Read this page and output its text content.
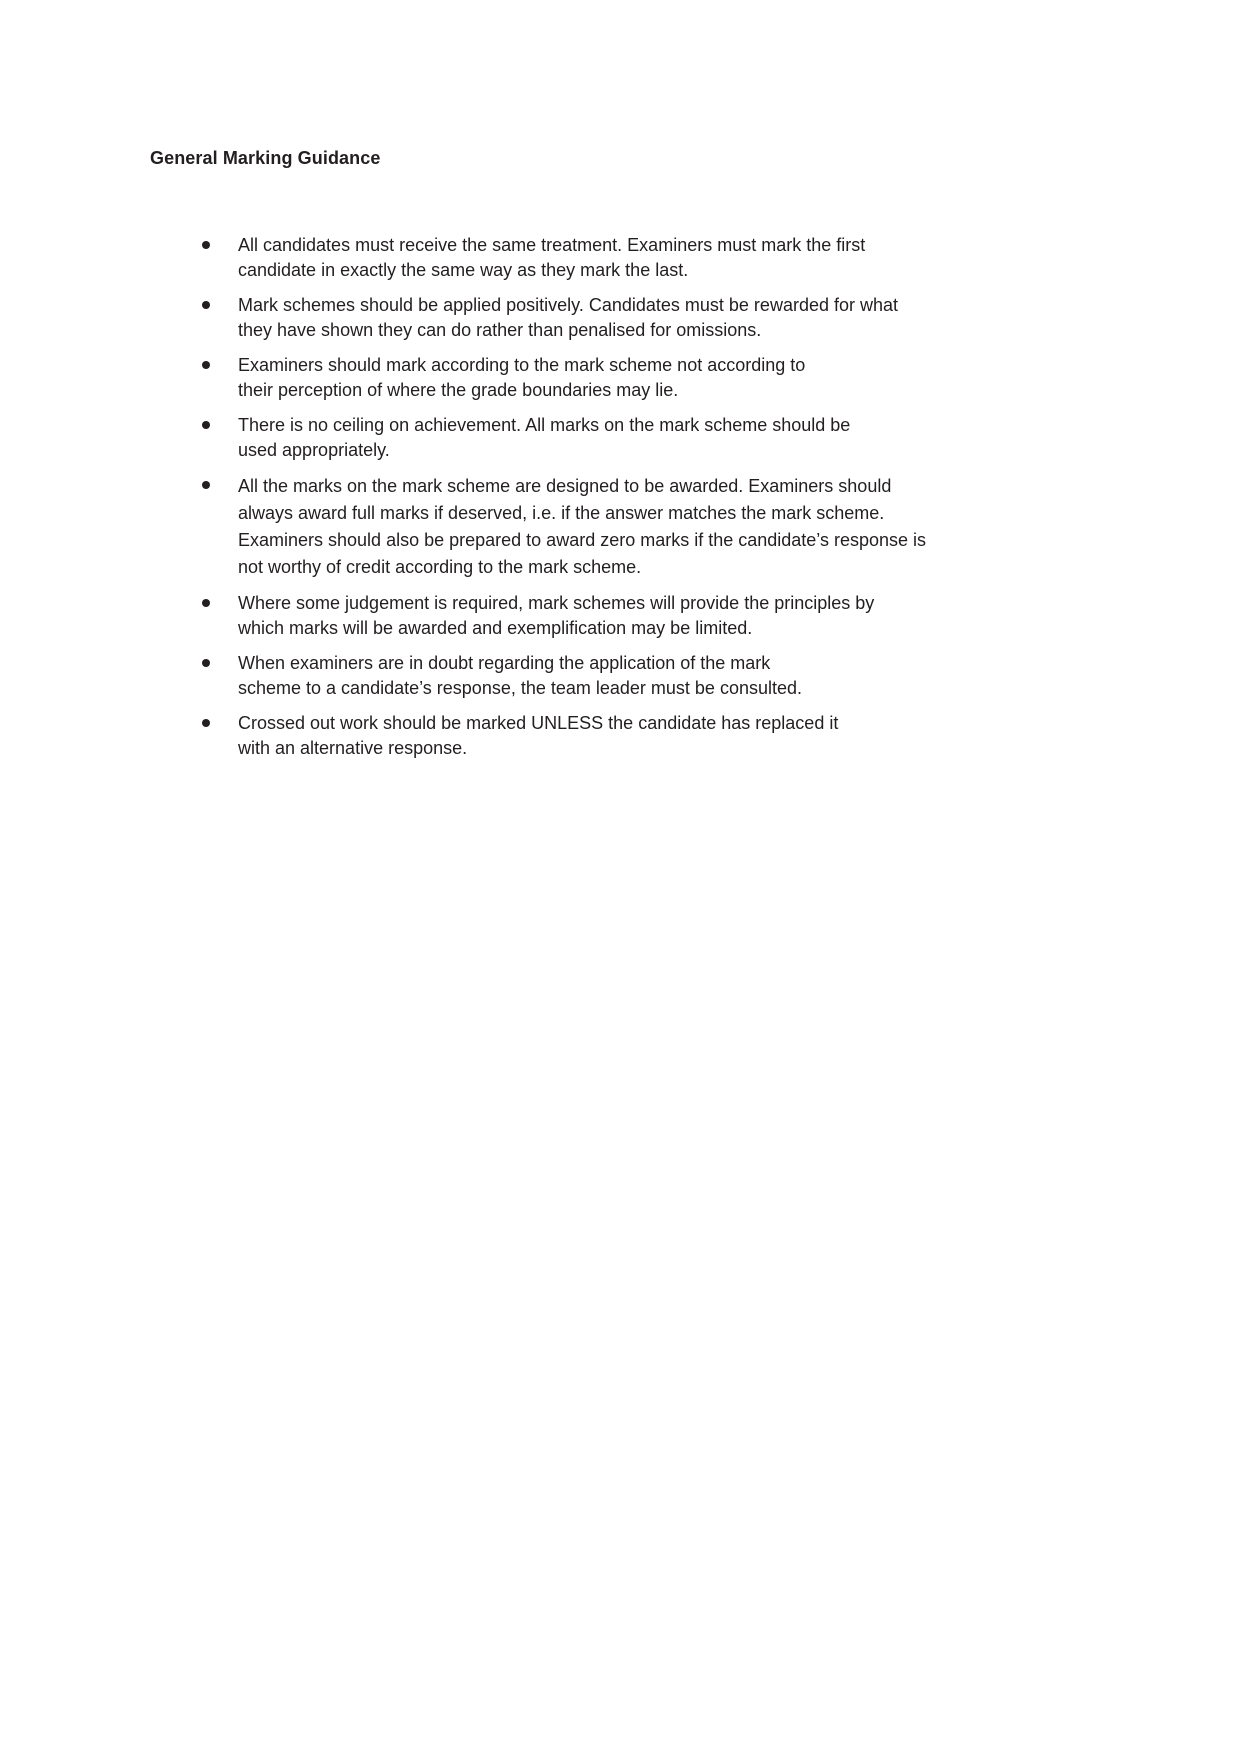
General Marking Guidance
All candidates must receive the same treatment. Examiners must mark the first
candidate in exactly the same way as they mark the last.
Mark schemes should be applied positively. Candidates must be rewarded for what
they have shown they can do rather than penalised for omissions.
Examiners should mark according to the mark scheme not according to
their perception of where the grade boundaries may lie.
There is no ceiling on achievement. All marks on the mark scheme should be
used appropriately.
All the marks on the mark scheme are designed to be awarded. Examiners should
always award full marks if deserved, i.e. if the answer matches the mark scheme.
Examiners should also be prepared to award zero marks if the candidate’s response is
not worthy of credit according to the mark scheme.
Where some judgement is required, mark schemes will provide the principles by
which marks will be awarded and exemplification may be limited.
When examiners are in doubt regarding the application of the mark
scheme to a candidate’s response, the team leader must be consulted.
Crossed out work should be marked UNLESS the candidate has replaced it
with an alternative response.
